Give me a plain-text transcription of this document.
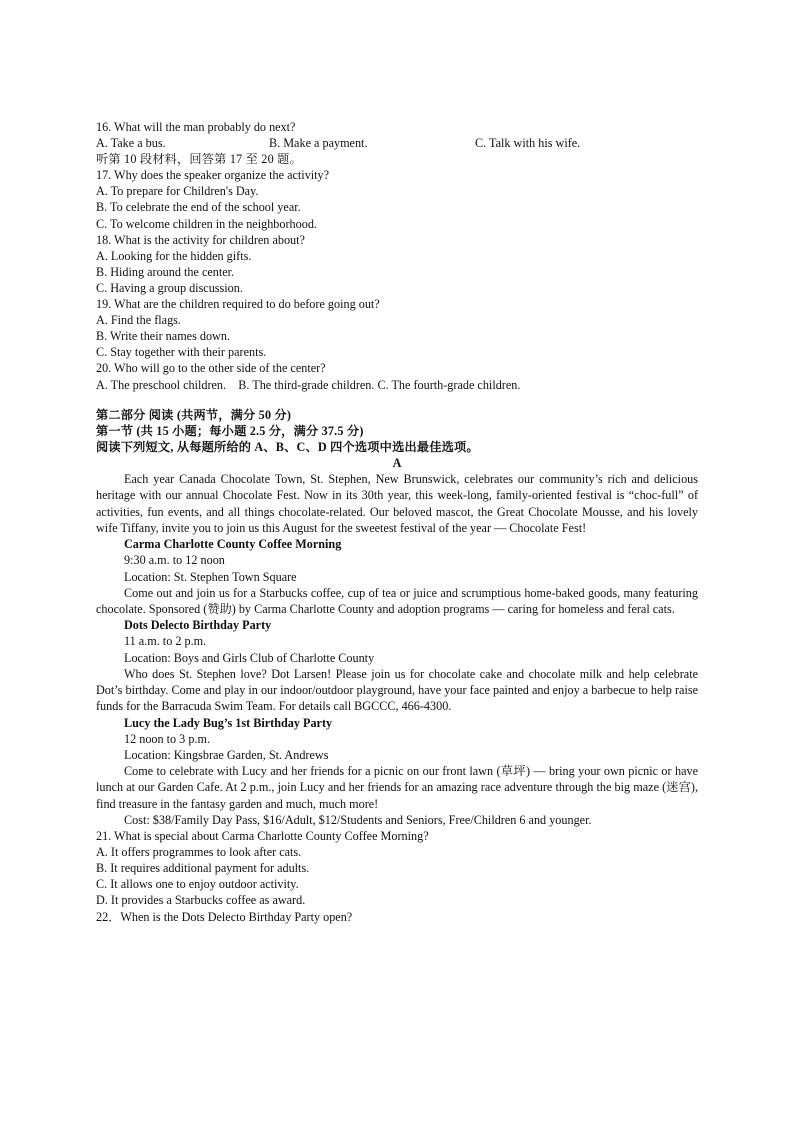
16. What will the man probably do next?
A. Take a bus.	B. Make a payment.	C. Talk with his wife.
听第 10 段材料，回答第 17 至 20 题。
17. Why does the speaker organize the activity?
A. To prepare for Children's Day.
B. To celebrate the end of the school year.
C. To welcome children in the neighborhood.
18. What is the activity for children about?
A. Looking for the hidden gifts.
B. Hiding around the center.
C. Having a group discussion.
19. What are the children required to do before going out?
A. Find the flags.
B. Write their names down.
C. Stay together with their parents.
20. Who will go to the other side of the center?
A. The preschool children.    B. The third-grade children. C. The fourth-grade children.
第二部分 阅读 (共两节，满分 50 分)
第一节 (共 15 小题；每小题 2.5 分，满分 37.5 分)
阅读下列短文, 从每题所给的 A、B、C、D 四个选项中选出最佳选项。
A
Each year Canada Chocolate Town, St. Stephen, New Brunswick, celebrates our community’s rich and delicious heritage with our annual Chocolate Fest. Now in its 30th year, this week-long, family-oriented festival is “choc-full” of activities, fun events, and all things chocolate-related. Our beloved mascot, the Great Chocolate Mousse, and his lovely wife Tiffany, invite you to join us this August for the sweetest festival of the year — Chocolate Fest!
Carma Charlotte County Coffee Morning
9:30 a.m. to 12 noon
Location: St. Stephen Town Square
Come out and join us for a Starbucks coffee, cup of tea or juice and scrumptious home-baked goods, many featuring chocolate. Sponsored (赞助) by Carma Charlotte County and adoption programs — caring for homeless and feral cats.
Dots Delecto Birthday Party
11 a.m. to 2 p.m.
Location: Boys and Girls Club of Charlotte County
Who does St. Stephen love? Dot Larsen! Please join us for chocolate cake and chocolate milk and help celebrate Dot’s birthday. Come and play in our indoor/outdoor playground, have your face painted and enjoy a barbecue to help raise funds for the Barracuda Swim Team. For details call BGCCC, 466-4300.
Lucy the Lady Bug’s 1st Birthday Party
12 noon to 3 p.m.
Location: Kingsbrae Garden, St. Andrews
Come to celebrate with Lucy and her friends for a picnic on our front lawn (草坪) — bring your own picnic or have lunch at our Garden Cafe. At 2 p.m., join Lucy and her friends for an amazing race adventure through the big maze (迷宫), find treasure in the fantasy garden and much, much more!
Cost: $38/Family Day Pass, $16/Adult, $12/Students and Seniors, Free/Children 6 and younger.
21. What is special about Carma Charlotte County Coffee Morning?
A. It offers programmes to look after cats.
B. It requires additional payment for adults.
C. It allows one to enjoy outdoor activity.
D. It provides a Starbucks coffee as award.
22．When is the Dots Delecto Birthday Party open?
